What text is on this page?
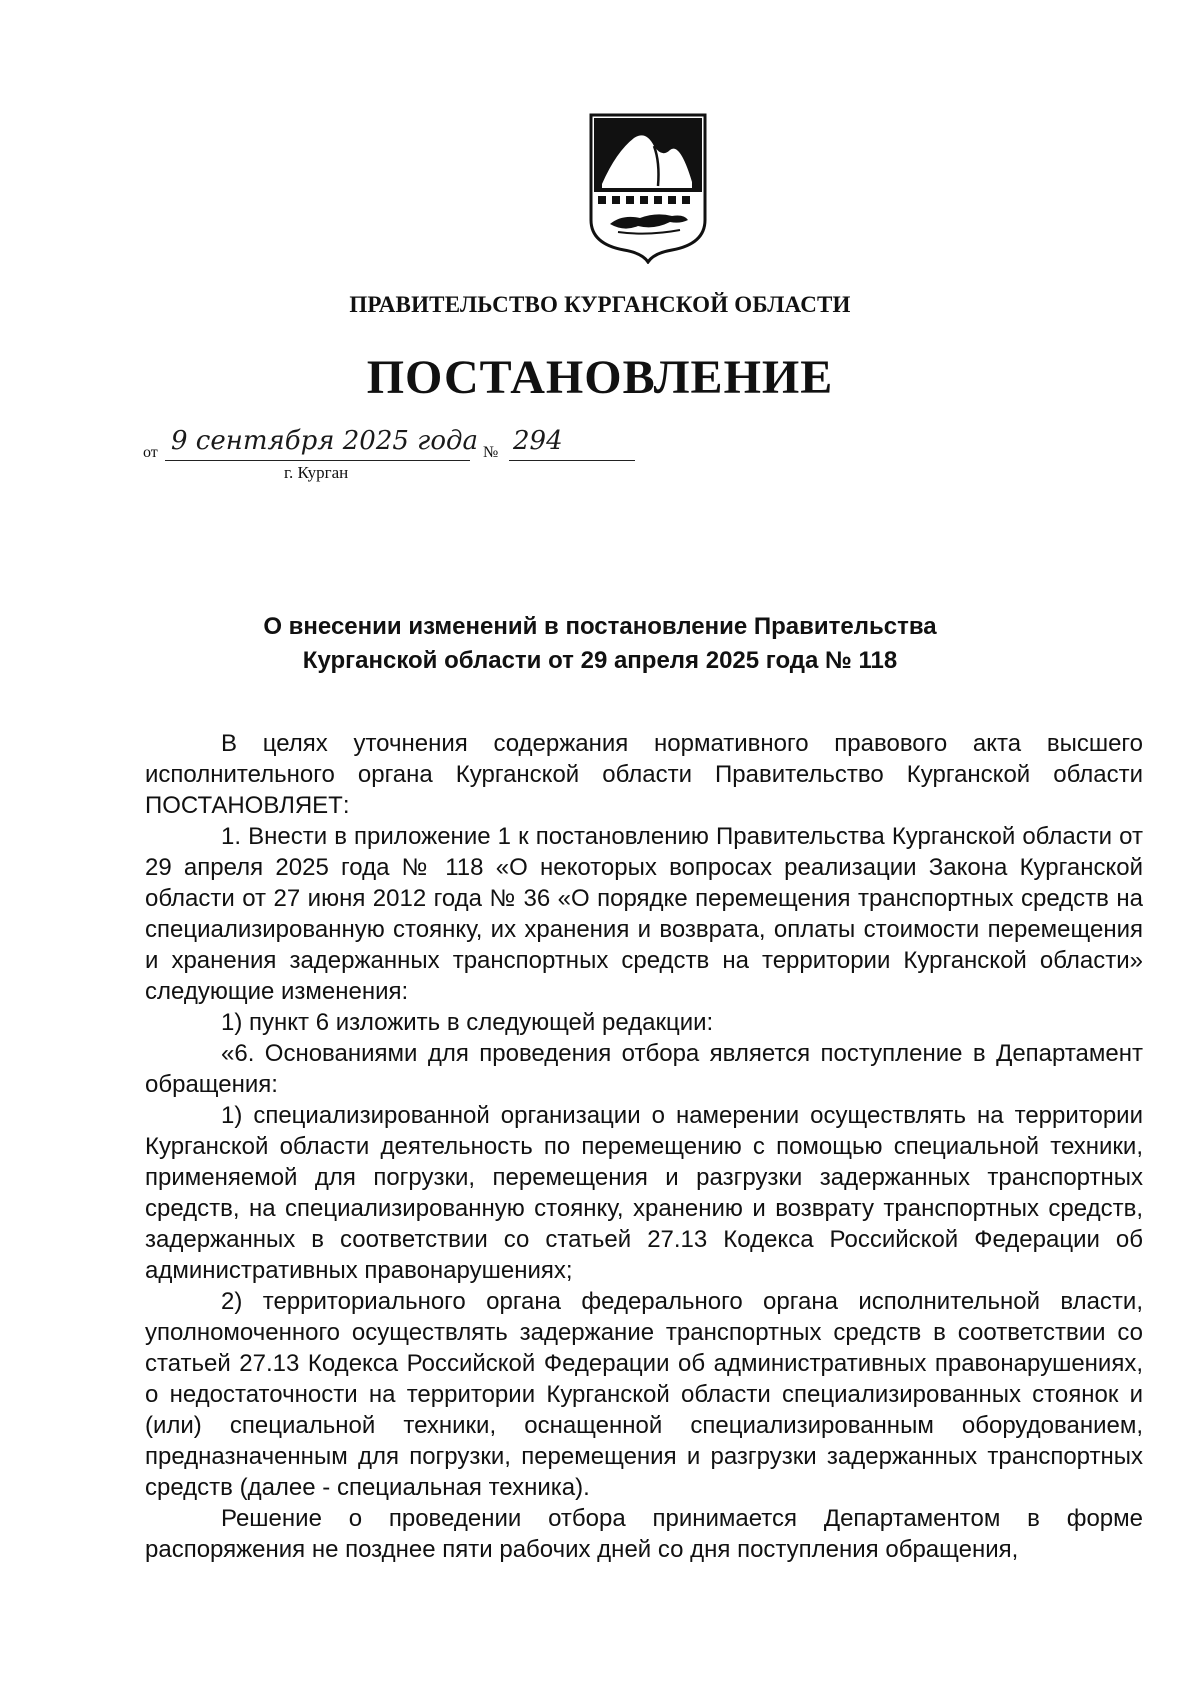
ПРАВИТЕЛЬСТВО КУРГАНСКОЙ ОБЛАСТИ
ПОСТАНОВЛЕНИЕ
от 9 сентября 2025 года № 294
г. Курган
О внесении изменений в постановление Правительства
Курганской области от 29 апреля 2025 года № 118

В целях уточнения содержания нормативного правового акта высшего исполнительного органа Курганской области Правительство Курганской области ПОСТАНОВЛЯЕТ:

1. Внести в приложение 1 к постановлению Правительства Курганской области от 29 апреля 2025 года № 118 «О некоторых вопросах реализации Закона Курганской области от 27 июня 2012 года № 36 «О порядке перемещения транспортных средств на специализированную стоянку, их хранения и возврата, оплаты стоимости перемещения и хранения задержанных транспортных средств на территории Курганской области» следующие изменения:

1) пункт 6 изложить в следующей редакции:

«6. Основаниями для проведения отбора является поступление в Департамент обращения:

1) специализированной организации о намерении осуществлять на территории Курганской области деятельность по перемещению с помощью специальной техники, применяемой для погрузки, перемещения и разгрузки задержанных транспортных средств, на специализированную стоянку, хранению и возврату транспортных средств, задержанных в соответствии со статьей 27.13 Кодекса Российской Федерации об административных правонарушениях;

2) территориального органа федерального органа исполнительной власти, уполномоченного осуществлять задержание транспортных средств в соответствии со статьей 27.13 Кодекса Российской Федерации об административных правонарушениях, о недостаточности на территории Курганской области специализированных стоянок и (или) специальной техники, оснащенной специализированным оборудованием, предназначенным для погрузки, перемещения и разгрузки задержанных транспортных средств (далее - специальная техника).

Решение о проведении отбора принимается Департаментом в форме распоряжения не позднее пяти рабочих дней со дня поступления обращения,
